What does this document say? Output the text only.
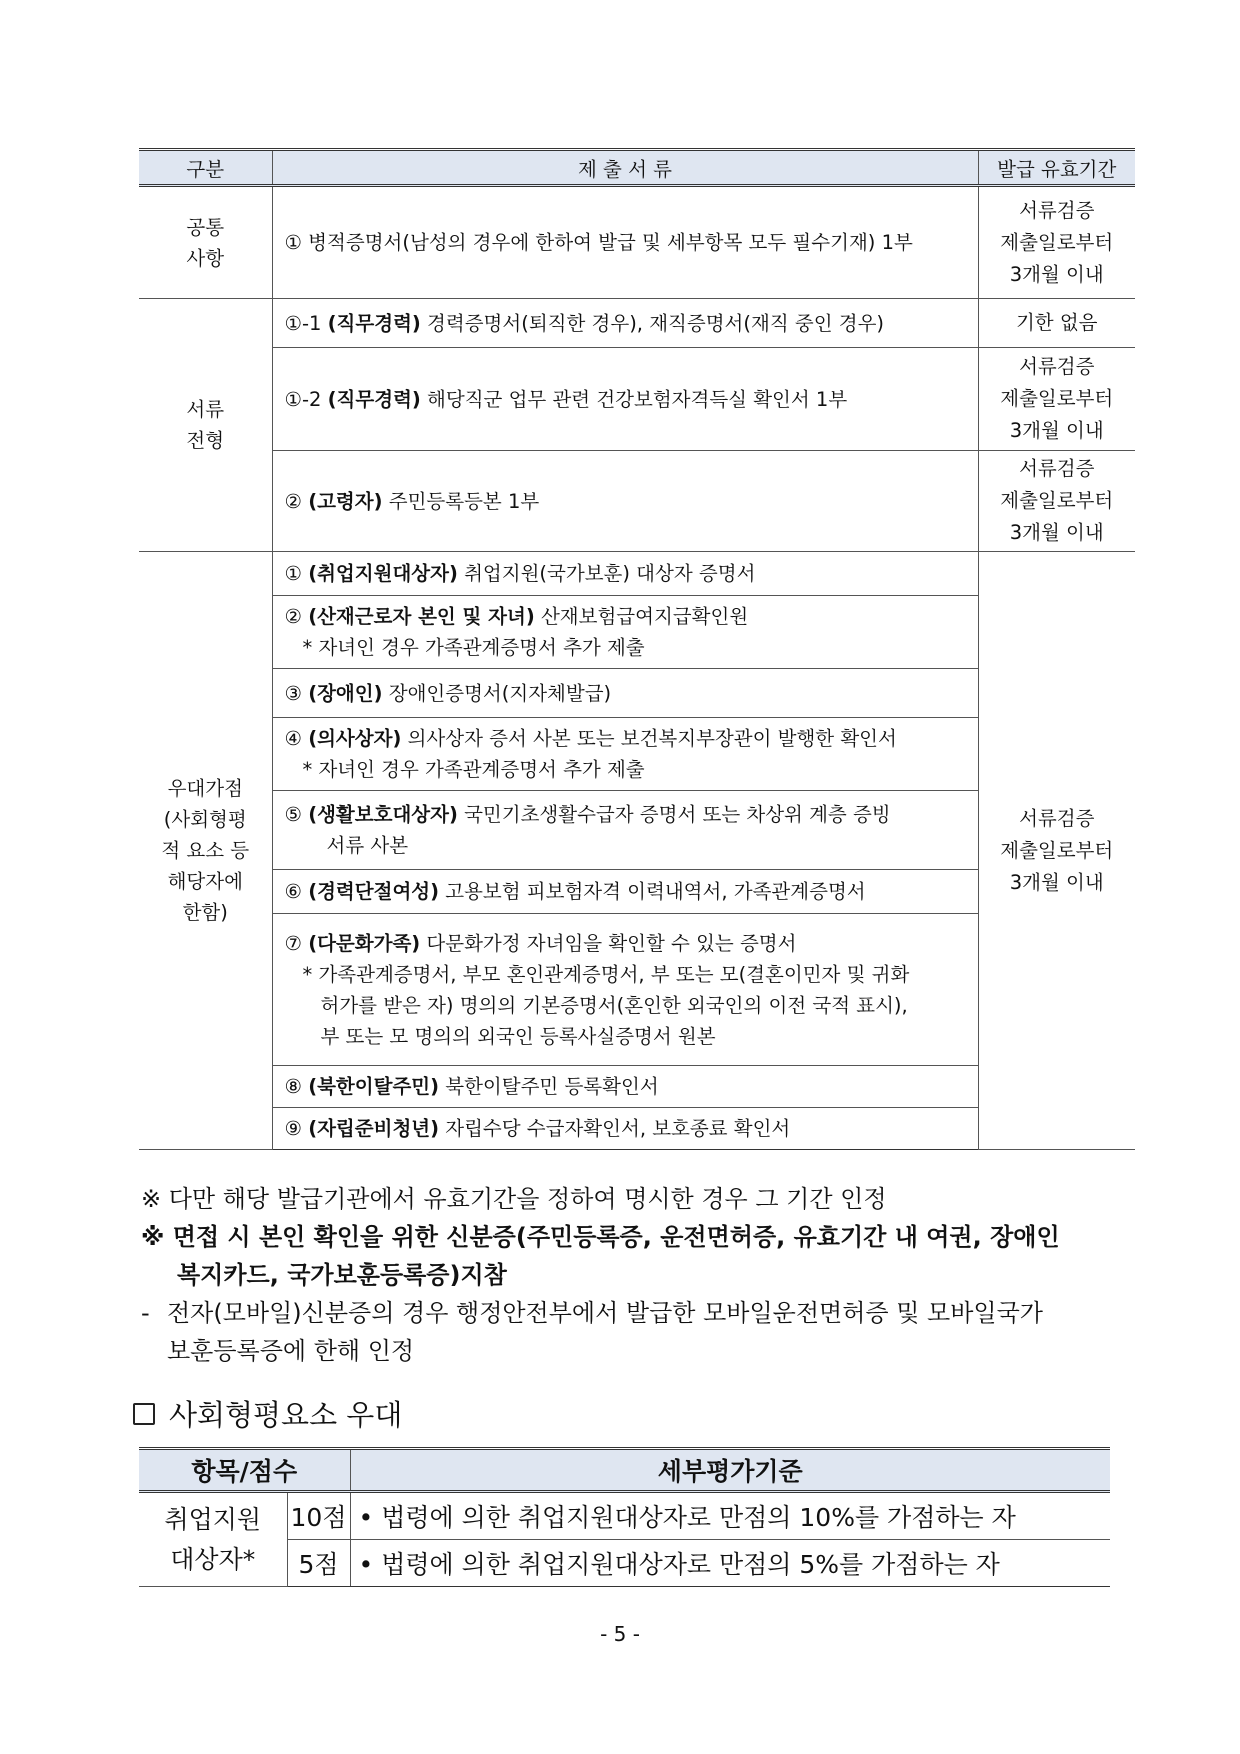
구분	제 출 서 류	발급 유효기간
공통
사항	① 병적증명서(남성의 경우에 한하여 발급 및 세부항목 모두 필수기재) 1부	서류검증
제출일로부터
3개월 이내
서류
전형	①-1 (직무경력) 경력증명서(퇴직한 경우), 재직증명서(재직 중인 경우)	기한 없음
	①-2 (직무경력) 해당직군 업무 관련 건강보험자격득실 확인서 1부	서류검증
제출일로부터
3개월 이내
	② (고령자) 주민등록등본 1부	서류검증
제출일로부터
3개월 이내
우대가점
(사회형평
적 요소 등
해당자에
한함)	① (취업지원대상자) 취업지원(국가보훈) 대상자 증명서	서류검증
제출일로부터
3개월 이내
	② (산재근로자 본인 및 자녀) 산재보험급여지급확인원
* 자녀인 경우 가족관계증명서 추가 제출	

	③ (장애인) 장애인증명서(지자체발급)	
	④ (의사상자) 의사상자 증서 사본 또는 보건복지부장관이 발행한 확인서
* 자녀인 경우 가족관계증명서 추가 제출	

	⑤ (생활보호대상자) 국민기초생활수급자 증명서 또는 차상위 계층 증빙
서류 사본	

	⑥ (경력단절여성) 고용보험 피보험자격 이력내역서, 가족관계증명서	
	⑦ (다문화가족) 다문화가정 자녀임을 확인할 수 있는 증명서
* 가족관계증명서, 부모 혼인관계증명서, 부 또는 모(결혼이민자 및 귀화
허가를 받은 자) 명의의 기본증명서(혼인한 외국인의 이전 국적 표시),
부 또는 모 명의의 외국인 등록사실증명서 원본	

	⑧ (북한이탈주민) 북한이탈주민 등록확인서	
	⑨ (자립준비청년) 자립수당 수급자확인서, 보호종료 확인서	
※ 다만 해당 발급기관에서 유효기간을 정하여 명시한 경우 그 기간 인정
※ 면접 시 본인 확인을 위한 신분증(주민등록증, 운전면허증, 유효기간 내 여권, 장애인
복지카드, 국가보훈등록증)지참
- 전자(모바일)신분증의 경우 행정안전부에서 발급한 모바일운전면허증 및 모바일국가
보훈등록증에 한해 인정
사회형평요소 우대
항목/점수		세부평가기준
취업지원
대상자*	10점	• 법령에 의한 취업지원대상자로 만점의 10%를 가점하는 자
	5점	• 법령에 의한 취업지원대상자로 만점의 5%를 가점하는 자
- 5 -
